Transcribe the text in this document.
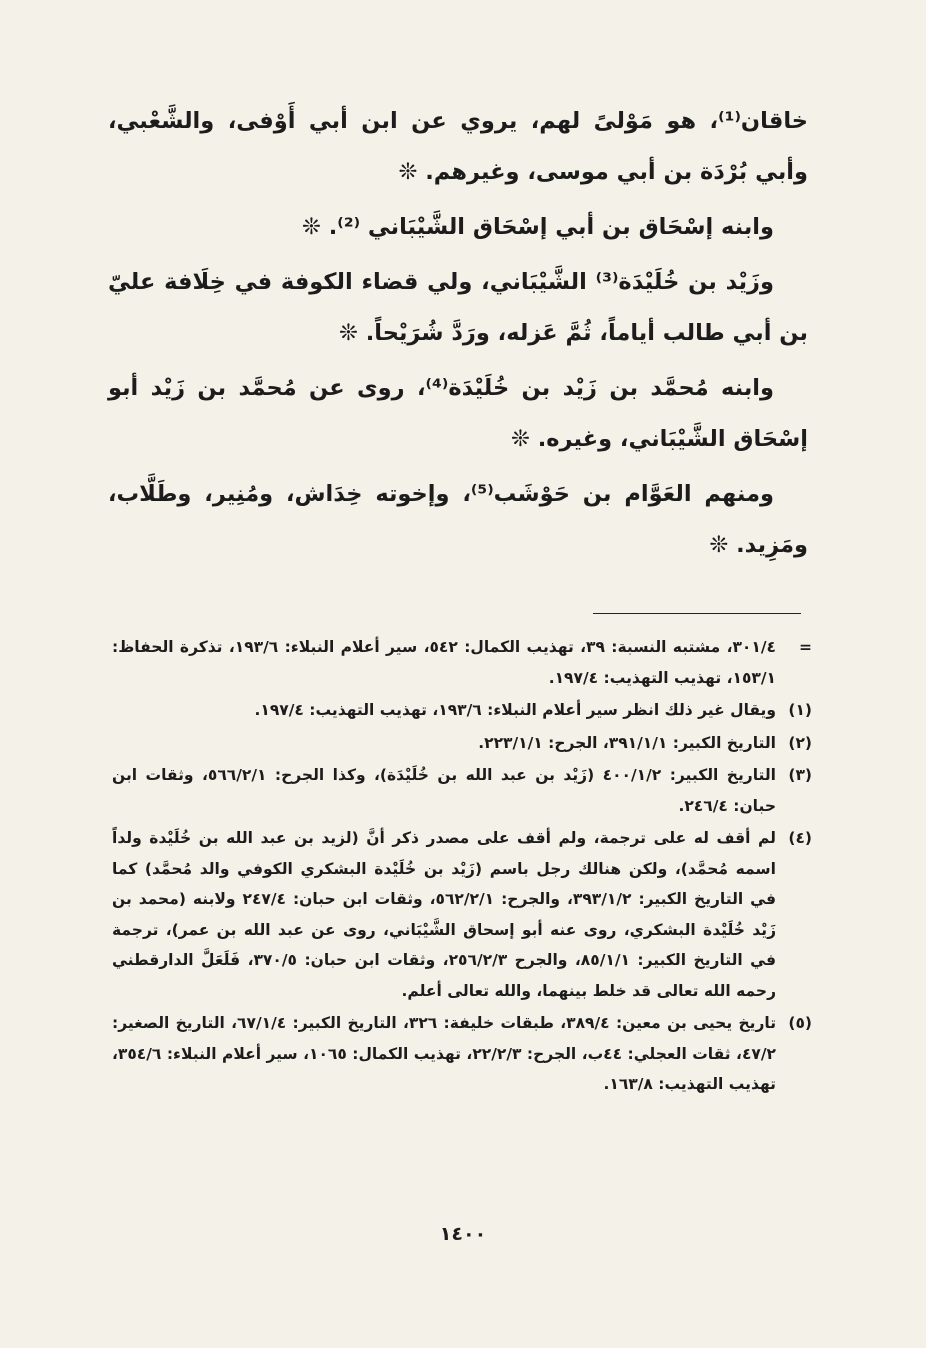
خاقان⁽¹⁾، هو مَوْلىً لهم، يروي عن ابن أبي أَوْفى، والشَّعْبي، وأبي بُرْدَة بن أبي موسى، وغيرهم. ❊

وابنه إسْحَاق بن أبي إسْحَاق الشَّيْبَاني ⁽²⁾. ❊

وزَيْد بن خُلَيْدَة⁽³⁾ الشَّيْبَاني، ولي قضاء الكوفة في خِلَافة عليّ بن أبي طالب أياماً، ثُمَّ عَزله، ورَدَّ شُرَيْحاً. ❊

وابنه مُحمَّد بن زَيْد بن خُلَيْدَة⁽⁴⁾، روى عن مُحمَّد بن زَيْد أبو إسْحَاق الشَّيْبَاني، وغيره. ❊

ومنهم العَوَّام بن حَوْشَب⁽⁵⁾، وإخوته خِدَاش، ومُنِير، وطَلَّاب، ومَزِيد. ❊

=
٣٠١/٤، مشتبه النسبة: ٣٩، تهذيب الكمال: ٥٤٢، سير أعلام النبلاء: ١٩٣/٦، تذكرة الحفاظ: ١٥٣/١، تهذيب التهذيب: ١٩٧/٤.
(١)
ويقال غير ذلك انظر سير أعلام النبلاء: ١٩٣/٦، تهذيب التهذيب: ١٩٧/٤.
(٢)
التاريخ الكبير: ٣٩١/١/١، الجرح: ٢٢٣/١/١.
(٣)
التاريخ الكبير: ٤٠٠/١/٢ (زَيْد بن عبد الله بن خُلَيْدَة)، وكذا الجرح: ٥٦٦/٢/١، وثقات ابن حبان: ٢٤٦/٤.
(٤)
لم أقف له على ترجمة، ولم أقف على مصدر ذكر أنَّ (لزيد بن عبد الله بن خُلَيْدة ولداً اسمه مُحمَّد)، ولكن هنالك رجل باسم (زَيْد بن خُلَيْدة البشكري الكوفي والد مُحمَّد) كما في التاريخ الكبير: ٣٩٣/١/٢، والجرح: ٥٦٢/٢/١، وثقات ابن حبان: ٢٤٧/٤ ولابنه (محمد بن زَيْد خُلَيْدة البشكري، روى عنه أبو إسحاق الشَّيْبَاني، روى عن عبد الله بن عمر)، ترجمة في التاريخ الكبير: ٨٥/١/١، والجرح ٢٥٦/٢/٣، وثقات ابن حبان: ٣٧٠/٥، فَلَعَلَّ الدارقطني رحمه الله تعالى قد خلط بينهما، والله تعالى أعلم.
(٥)
تاريخ يحيى بن معين: ٣٨٩/٤، طبقات خليفة: ٣٢٦، التاريخ الكبير: ٦٧/١/٤، التاريخ الصغير: ٤٧/٢، ثقات العجلي: ٤٤ب، الجرح: ٢٢/٢/٣، تهذيب الكمال: ١٠٦٥، سير أعلام النبلاء: ٣٥٤/٦، تهذيب التهذيب: ١٦٣/٨.
١٤٠٠
